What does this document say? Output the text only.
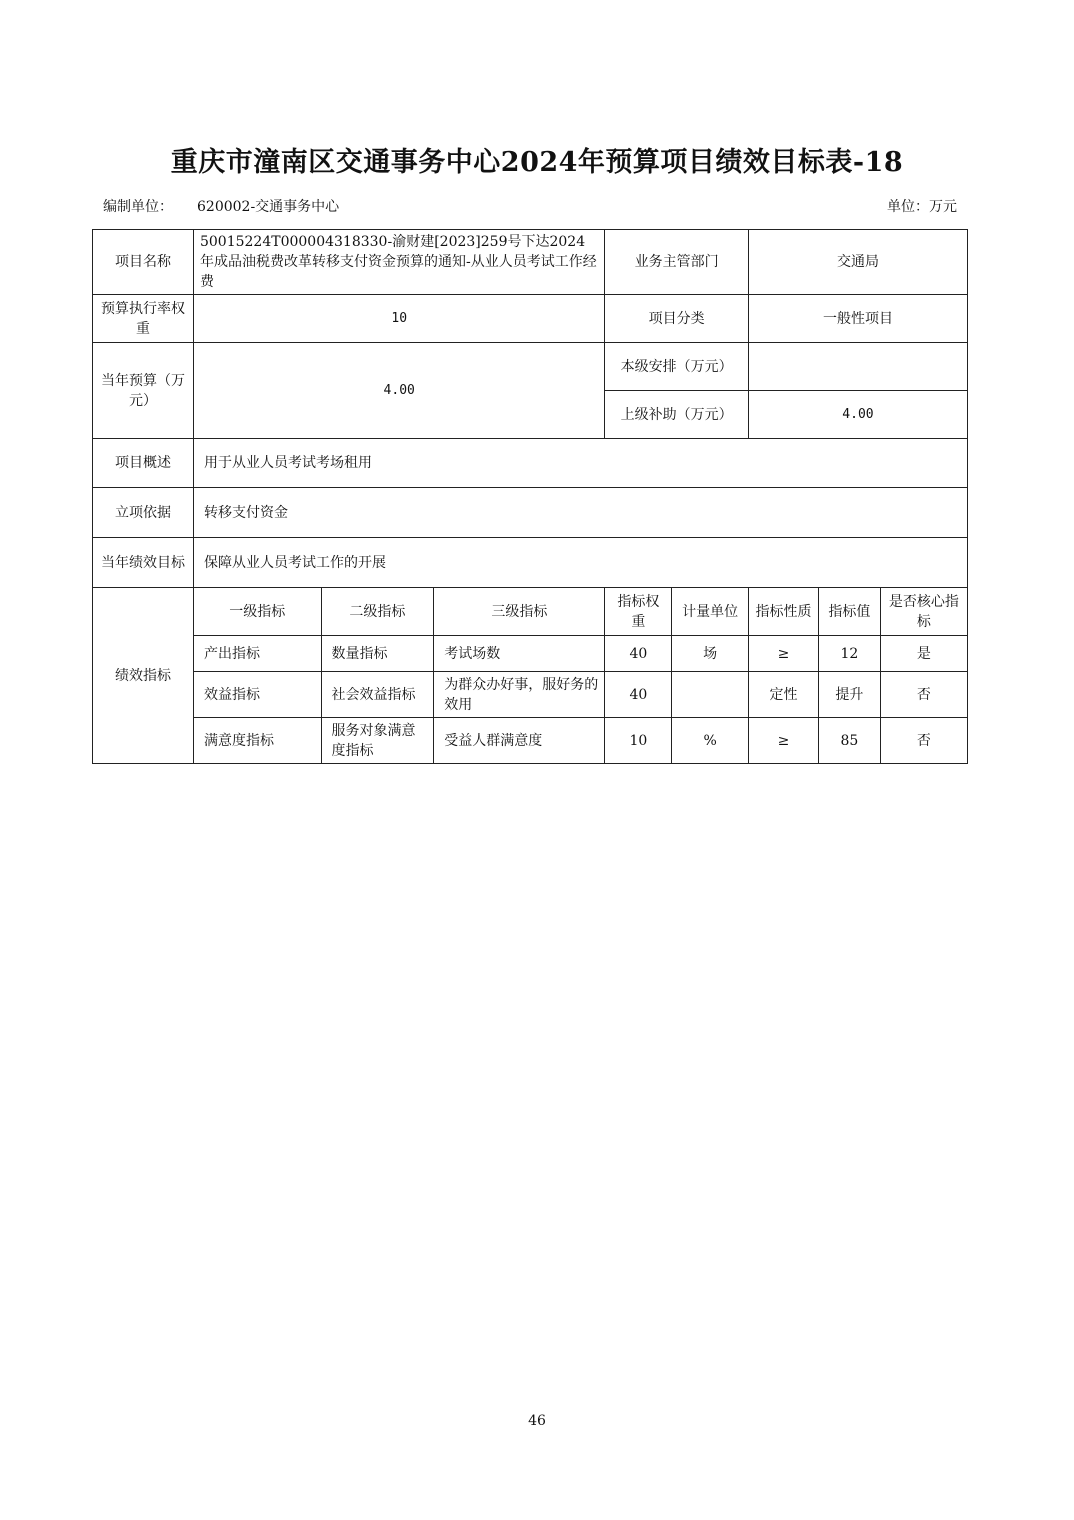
重庆市潼南区交通事务中心2024年预算项目绩效目标表-18
编制单位： 620002-交通事务中心	单位：万元
项目名称	50015224T000004318330-渝财建[2023]259号下达2024年成品油税费改革转移支付资金预算的通知-从业人员考试工作经费			业务主管部门		交通局		
预算执行率权重	10			项目分类		一般性项目		
当年预算（万元）	4.00			本级安排（万元）				
				上级补助（万元）		4.00		
项目概述	用于从业人员考试考场租用							
立项依据	转移支付资金							
当年绩效目标	保障从业人员考试工作的开展							
绩效指标	一级指标	二级指标	三级指标	指标权重	计量单位	指标性质	指标值	是否核心指标
	产出指标	数量指标	考试场数	40	场	≥	12	是
	效益指标	社会效益指标	为群众办好事，服好务的效用	40		定性	提升	否
	满意度指标	服务对象满意度指标	受益人群满意度	10	%	≥	85	否
46
